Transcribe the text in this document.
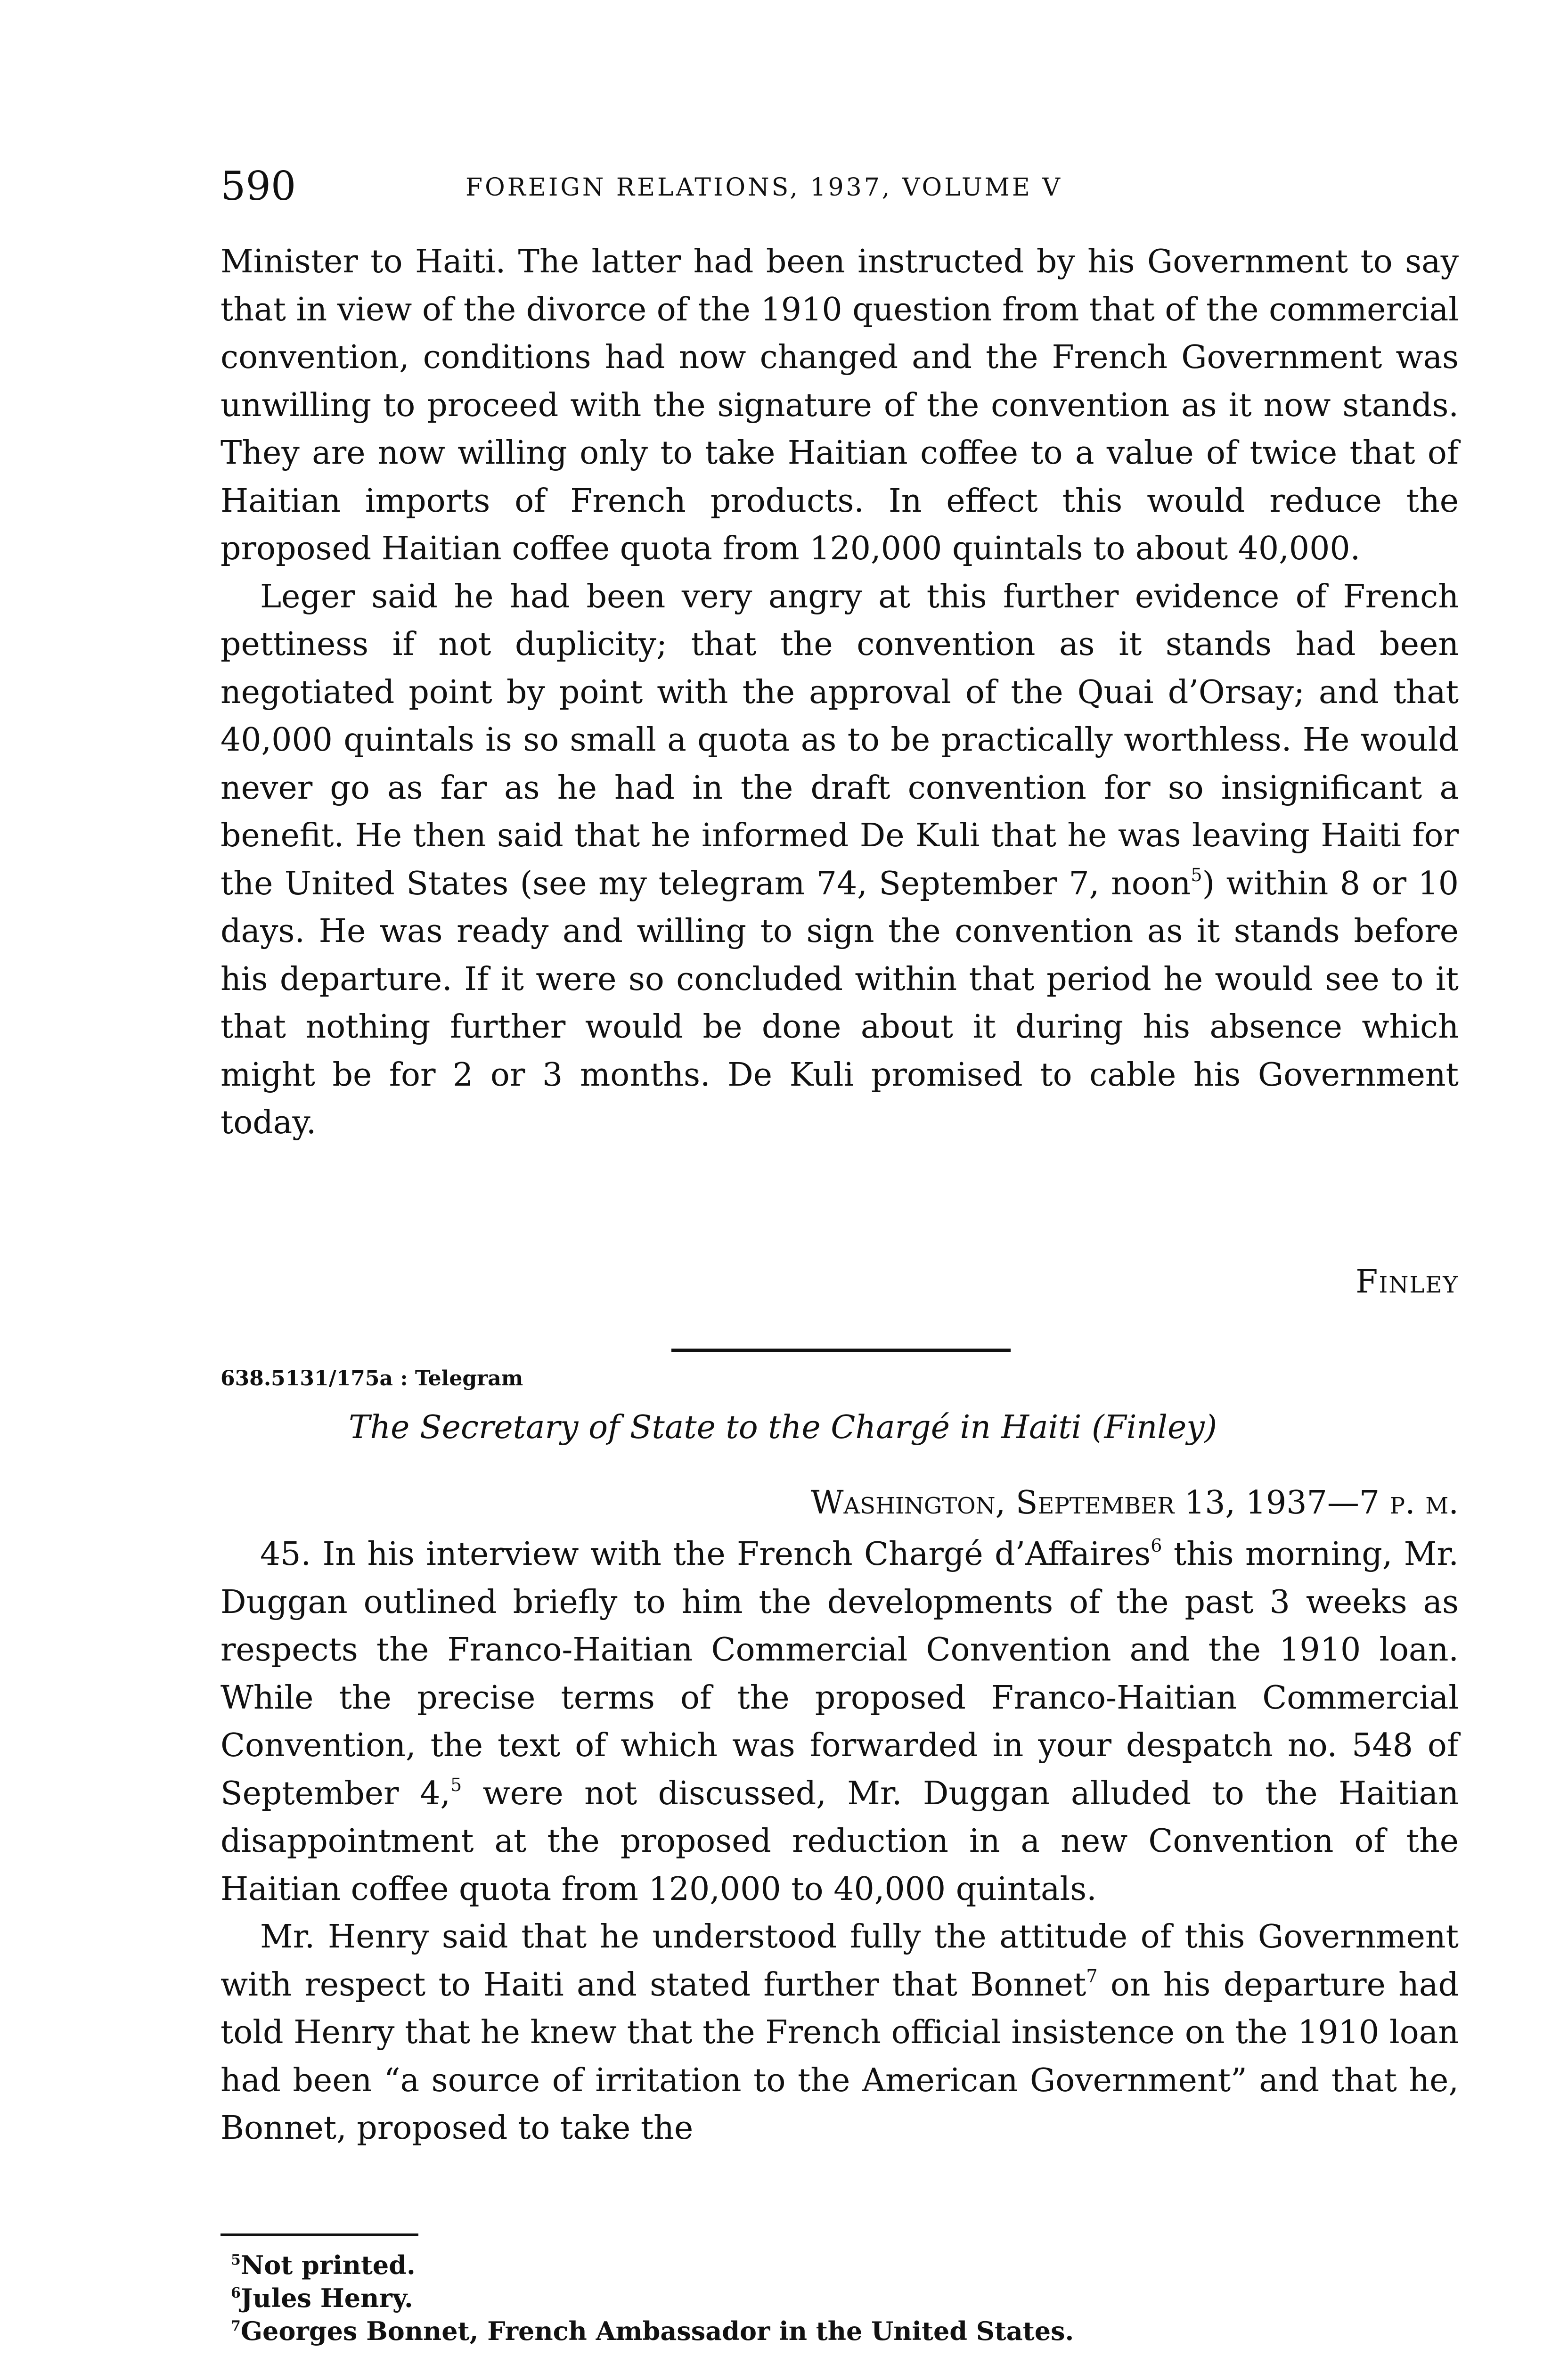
590	FOREIGN RELATIONS, 1937, VOLUME V

Minister to Haiti. The latter had been instructed by his Government to say that in view of the divorce of the 1910 question from that of the commercial convention, conditions had now changed and the French Government was unwilling to proceed with the signature of the convention as it now stands. They are now willing only to take Haitian coffee to a value of twice that of Haitian imports of French products. In effect this would reduce the proposed Haitian coffee quota from 120,000 quintals to about 40,000.

Leger said he had been very angry at this further evidence of French pettiness if not duplicity; that the convention as it stands had been negotiated point by point with the approval of the Quai d’Orsay; and that 40,000 quintals is so small a quota as to be practically worthless. He would never go as far as he had in the draft convention for so insignificant a benefit. He then said that he informed De Kuli that he was leaving Haiti for the United States (see my telegram 74, September 7, noon$^5$) within 8 or 10 days. He was ready and willing to sign the convention as it stands before his departure. If it were so concluded within that period he would see to it that nothing further would be done about it during his absence which might be for 2 or 3 months. De Kuli promised to cable his Government today.

Finley
638.5131/175a : Telegram
The Secretary of State to the Chargé in Haiti (Finley)
Washington, September 13, 1937—7 p. m.

45. In his interview with the French Chargé d’Affaires$^6$ this morning, Mr. Duggan outlined briefly to him the developments of the past 3 weeks as respects the Franco-Haitian Commercial Convention and the 1910 loan. While the precise terms of the proposed Franco-Haitian Commercial Convention, the text of which was forwarded in your despatch no. 548 of September 4,$^5$ were not discussed, Mr. Duggan alluded to the Haitian disappointment at the proposed reduction in a new Convention of the Haitian coffee quota from 120,000 to 40,000 quintals.

Mr. Henry said that he understood fully the attitude of this Government with respect to Haiti and stated further that Bonnet$^7$ on his departure had told Henry that he knew that the French official insistence on the 1910 loan had been “a source of irritation to the American Government” and that he, Bonnet, proposed to take the

$^5$Not printed.

$^6$Jules Henry.

$^7$Georges Bonnet, French Ambassador in the United States.
